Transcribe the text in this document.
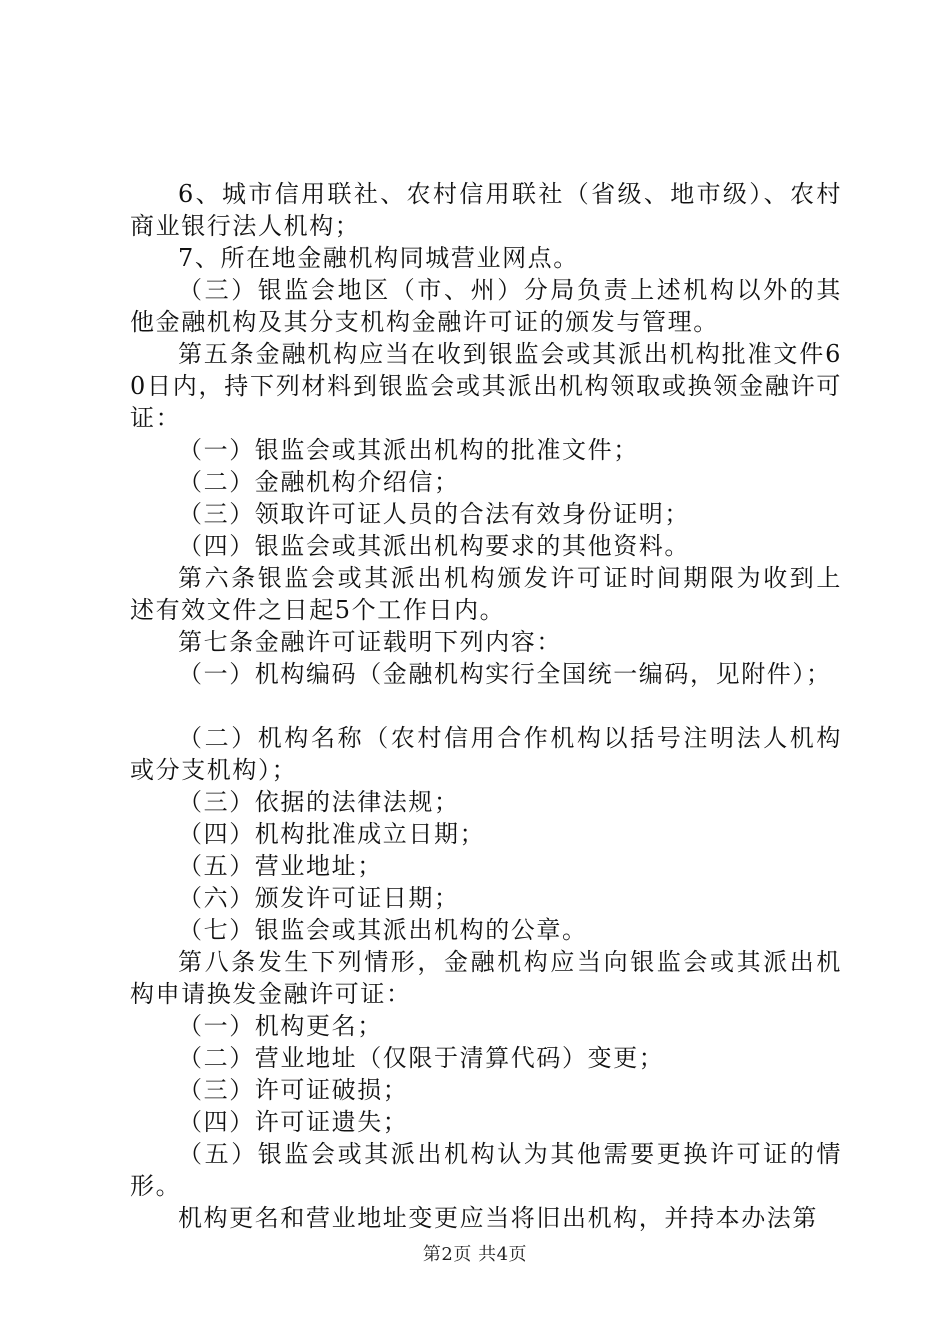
6、城市信用联社、农村信用联社（省级、地市级）、农村商业银行法人机构；

7、所在地金融机构同城营业网点。

（三）银监会地区（市、州）分局负责上述机构以外的其他金融机构及其分支机构金融许可证的颁发与管理。

第五条金融机构应当在收到银监会或其派出机构批准文件60日内，持下列材料到银监会或其派出机构领取或换领金融许可证：

（一）银监会或其派出机构的批准文件；

（二）金融机构介绍信；

（三）领取许可证人员的合法有效身份证明；

（四）银监会或其派出机构要求的其他资料。

第六条银监会或其派出机构颁发许可证时间期限为收到上述有效文件之日起5个工作日内。

第七条金融许可证载明下列内容：

（一）机构编码（金融机构实行全国统一编码，见附件）；

（二）机构名称（农村信用合作机构以括号注明法人机构或分支机构）；

（三）依据的法律法规；

（四）机构批准成立日期；

（五）营业地址；

（六）颁发许可证日期；

（七）银监会或其派出机构的公章。

第八条发生下列情形，金融机构应当向银监会或其派出机构申请换发金融许可证：

（一）机构更名；

（二）营业地址（仅限于清算代码）变更；

（三）许可证破损；

（四）许可证遗失；

（五）银监会或其派出机构认为其他需要更换许可证的情形。

机构更名和营业地址变更应当将旧出机构，并持本办法第

第2页 共4页
